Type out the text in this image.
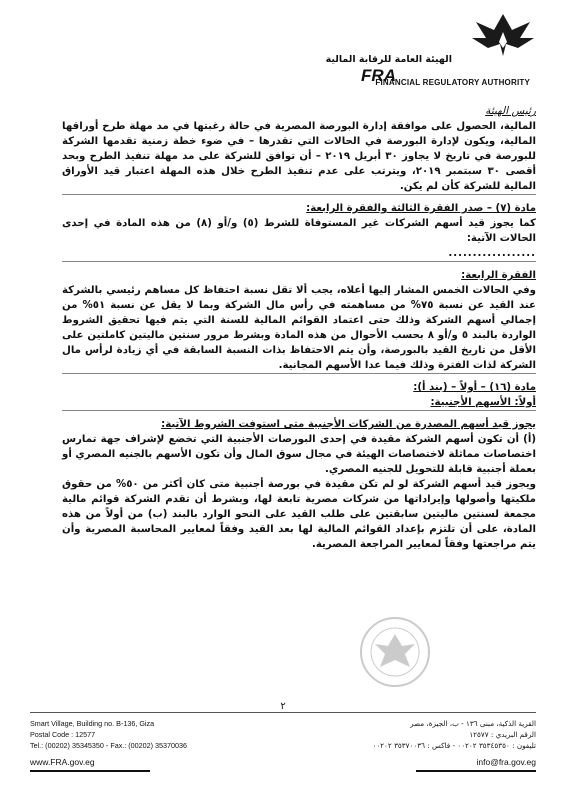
الهيئة العامة للرقابة المالية
FRA
FINANCIAL REGULATORY AUTHORITY

رئيس الهيئة

المالية، الحصول على موافقة إدارة البورصة المصرية في حالة رغبتها في مد مهلة طرح أوراقها المالية، ويكون لإدارة البورصة في الحالات التي تقدرها – في ضوء خطة زمنية تقدمها الشركة للبورصة في تاريخ لا يجاوز ٣٠ أبريل ٢٠١٩ – أن توافق للشركة على مد مهلة تنفيذ الطرح وبحد أقصى ٣٠ سبتمبر ٢٠١٩، ويترتب على عدم تنفيذ الطرح خلال هذه المهلة اعتبار قيد الأوراق المالية للشركة كأن لم يكن.

مادة (٧) – صدر الفقرة الثالثة والفقرة الرابعة:

كما يجوز قيد أسهم الشركات غير المستوفاة للشرط (٥) و/أو (٨) من هذه المادة في إحدى الحالات الآتية:

..................

الفقرة الرابعة:

وفي الحالات الخمس المشار إليها أعلاه، يجب ألا تقل نسبة احتفاظ كل مساهم رئيسي بالشركة عند القيد عن نسبة ٧٥% من مساهمته في رأس مال الشركة وبما لا يقل عن نسبة ٥١% من إجمالي أسهم الشركة وذلك حتى اعتماد القوائم المالية للسنة التي يتم فيها تحقيق الشروط الواردة بالبند ٥ و/أو ٨ بحسب الأحوال من هذه المادة وبشرط مرور سنتين ماليتين كاملتين على الأقل من تاريخ القيد بالبورصة، وأن يتم الاحتفاظ بذات النسبة السابقة في أي زيادة لرأس مال الشركة لذات الفترة وذلك فيما عدا الأسهم المجانية.

مادة (١٦) – أولاً – (بند أ):

أولاً: الأسهم الأجنبية:

يجوز قيد أسهم المصدرة من الشركات الأجنبية متى استوفت الشروط الآتية:

(أ) أن تكون أسهم الشركة مقيدة في إحدى البورصات الأجنبية التي تخضع لإشراف جهة تمارس اختصاصات مماثلة لاختصاصات الهيئة في مجال سوق المال وأن تكون الأسهم بالجنيه المصري أو بعملة أجنبية قابلة للتحويل للجنيه المصري.

ويجوز قيد أسهم الشركة لو لم تكن مقيدة في بورصة أجنبية متى كان أكثر من ٥٠% من حقوق ملكيتها وأصولها وإيراداتها من شركات مصرية تابعة لها، وبشرط أن تقدم الشركة قوائم مالية مجمعة لسنتين ماليتين سابقتين على طلب القيد على النحو الوارد بالبند (ب) من أولاً من هذه المادة، على أن تلتزم بإعداد القوائم المالية لها بعد القيد وفقاً لمعايير المحاسبة المصرية وأن يتم مراجعتها وفقاً لمعايير المراجعة المصرية.

٢
Smart Village, Building no. B-136, Giza
Postal Code : 12577
Tel.: (00202) 35345350 - Fax.: (00202) 35370036
القرية الذكية، مبنى ١٣٦ - ب، الجيزة، مصر
الرقم البريدي : ١٢٥٧٧
تليفون : ٣٥٣٤٥٣٥٠ ٠٠٢٠٢ - فاكس : ٣٥٣٧٠٠٣٦ ٠٠٢٠٢
www.FRA.gov.eg	info@fra.gov.eg
